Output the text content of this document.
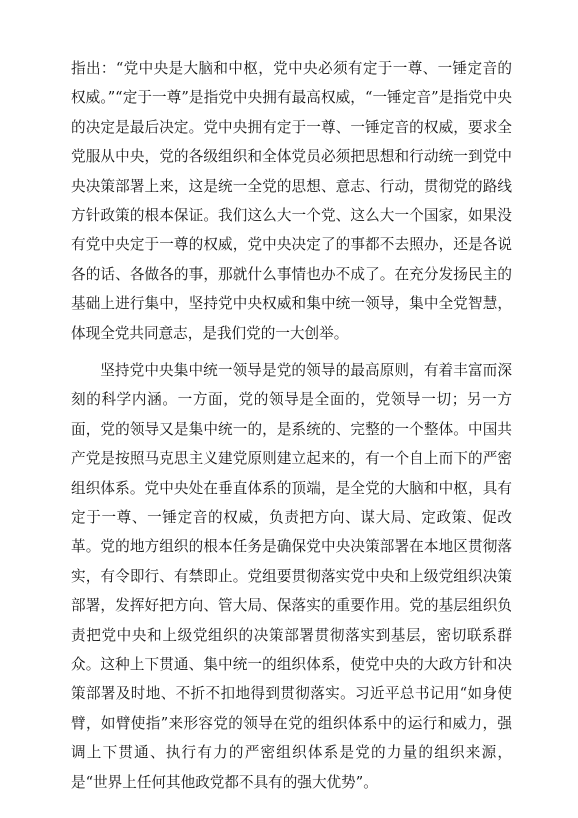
指出：“党中央是大脑和中枢，党中央必须有定于一尊、一锤定音的权威。”“定于一尊”是指党中央拥有最高权威，“一锤定音”是指党中央的决定是最后决定。党中央拥有定于一尊、一锤定音的权威，要求全党服从中央，党的各级组织和全体党员必须把思想和行动统一到党中央决策部署上来，这是统一全党的思想、意志、行动，贯彻党的路线方针政策的根本保证。我们这么大一个党、这么大一个国家，如果没有党中央定于一尊的权威，党中央决定了的事都不去照办，还是各说各的话、各做各的事，那就什么事情也办不成了。在充分发扬民主的基础上进行集中，坚持党中央权威和集中统一领导，集中全党智慧，体现全党共同意志，是我们党的一大创举。

坚持党中央集中统一领导是党的领导的最高原则，有着丰富而深刻的科学内涵。一方面，党的领导是全面的，党领导一切；另一方面，党的领导又是集中统一的，是系统的、完整的一个整体。中国共产党是按照马克思主义建党原则建立起来的，有一个自上而下的严密组织体系。党中央处在垂直体系的顶端，是全党的大脑和中枢，具有定于一尊、一锤定音的权威，负责把方向、谋大局、定政策、促改革。党的地方组织的根本任务是确保党中央决策部署在本地区贯彻落实，有令即行、有禁即止。党组要贯彻落实党中央和上级党组织决策部署，发挥好把方向、管大局、保落实的重要作用。党的基层组织负责把党中央和上级党组织的决策部署贯彻落实到基层，密切联系群众。这种上下贯通、集中统一的组织体系，使党中央的大政方针和决策部署及时地、不折不扣地得到贯彻落实。习近平总书记用“如身使臂，如臂使指”来形容党的领导在党的组织体系中的运行和威力，强调上下贯通、执行有力的严密组织体系是党的力量的组织来源，是“世界上任何其他政党都不具有的强大优势”。
